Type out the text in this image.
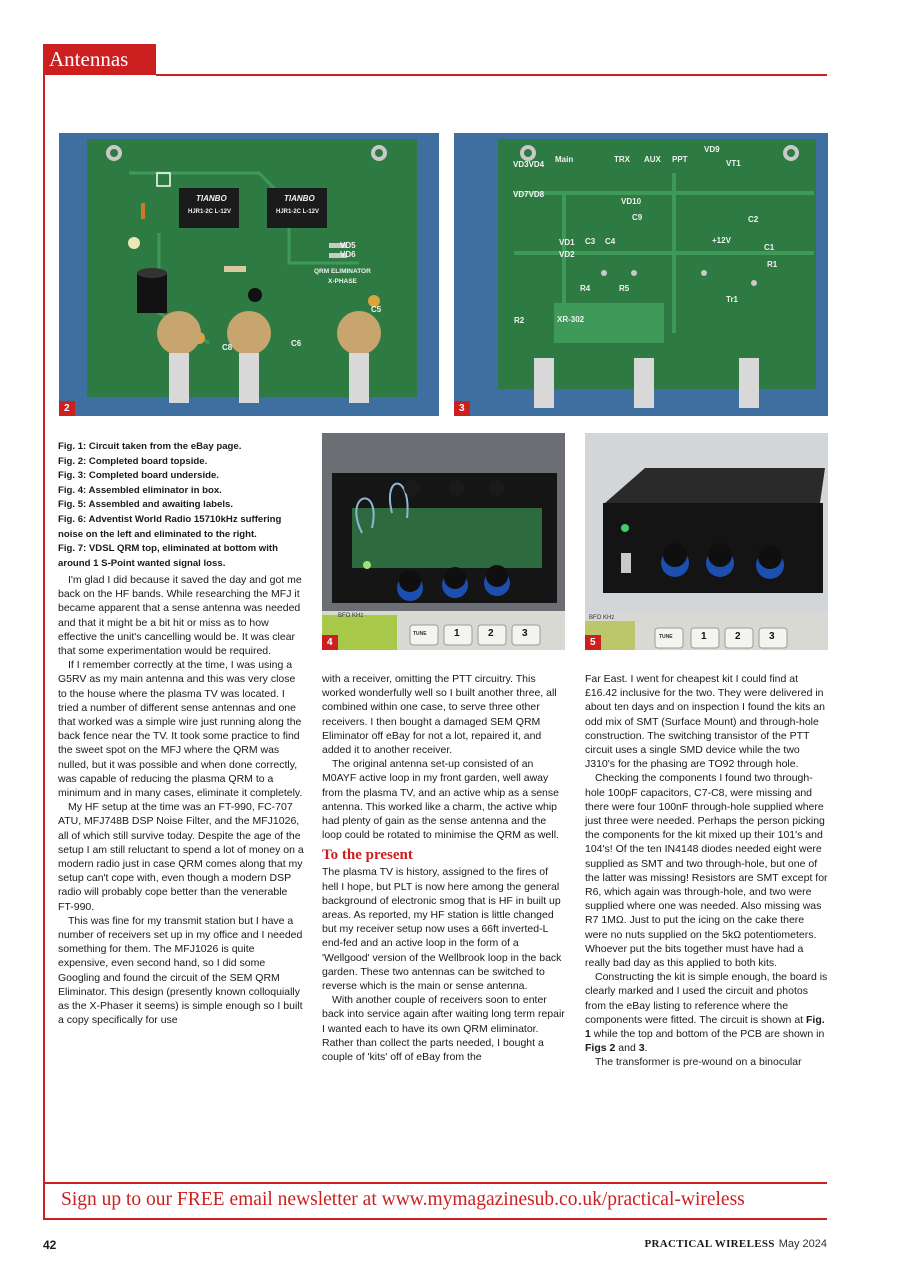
Antennas
TIANBO
HJR1-2C L-12V
TIANBO
HJR1-2C L-12V
VD5 VD6
QRM ELIMINATOR
X-PHASE
C5
C8	C6
2
VD3VD4
Main	TRX AUX PPT
VD9
VT1
VD7VD8
VD10
C9	C2
+12V
C1
VD1
VD2
C3 C4
R1
R4	R5
XR-302
Tr1
R2
3
Fig. 1: Circuit taken from the eBay page.
Fig. 2: Completed board topside.
Fig. 3: Completed board underside.
Fig. 4: Assembled eliminator in box.
Fig. 5: Assembled and awaiting labels.
Fig. 6: Adventist World Radio 15710kHz suffering noise on the left and eliminated to the right.
Fig. 7: VDSL QRM top, eliminated at bottom with around 1 S-Point wanted signal loss.
BFO KHz
TUNE	1	2	3
4
BFO KHz
TUNE	1	2	3
5

I'm glad I did because it saved the day and got me back on the HF bands. While researching the MFJ it became apparent that a sense antenna was needed and that it might be a bit hit or miss as to how effective the unit's cancelling would be. It was clear that some experimentation would be required.

If I remember correctly at the time, I was using a G5RV as my main antenna and this was very close to the house where the plasma TV was located. I tried a number of different sense antennas and one that worked was a simple wire just running along the back fence near the TV. It took some practice to find the sweet spot on the MFJ where the QRM was nulled, but it was possible and when done correctly, was capable of reducing the plasma QRM to a minimum and in many cases, eliminate it completely.

My HF setup at the time was an FT-990, FC-707 ATU, MFJ748B DSP Noise Filter, and the MFJ1026, all of which still survive today. Despite the age of the setup I am still reluctant to spend a lot of money on a modern radio just in case QRM comes along that my setup can't cope with, even though a modern DSP radio will probably cope better than the venerable FT-990.

This was fine for my transmit station but I have a number of receivers set up in my office and I needed something for them. The MFJ1026 is quite expensive, even second hand, so I did some Googling and found the circuit of the SEM QRM Eliminator. This design (presently known colloquially as the X-Phaser it seems) is simple enough so I built a copy specifically for use

with a receiver, omitting the PTT circuitry. This worked wonderfully well so I built another three, all combined within one case, to serve three other receivers. I then bought a damaged SEM QRM Eliminator off eBay for not a lot, repaired it, and added it to another receiver.

The original antenna set-up consisted of an M0AYF active loop in my front garden, well away from the plasma TV, and an active whip as a sense antenna. This worked like a charm, the active whip had plenty of gain as the sense antenna and the loop could be rotated to minimise the QRM as well.

To the present

The plasma TV is history, assigned to the fires of hell I hope, but PLT is now here among the general background of electronic smog that is HF in built up areas. As reported, my HF station is little changed but my receiver setup now uses a 66ft inverted-L end-fed and an active loop in the form of a 'Wellgood' version of the Wellbrook loop in the back garden. These two antennas can be switched to reverse which is the main or sense antenna.

With another couple of receivers soon to enter back into service again after waiting long term repair I wanted each to have its own QRM eliminator. Rather than collect the parts needed, I bought a couple of 'kits' off of eBay from the

Far East. I went for cheapest kit I could find at £16.42 inclusive for the two. They were delivered in about ten days and on inspection I found the kits an odd mix of SMT (Surface Mount) and through-hole construction. The switching transistor of the PTT circuit uses a single SMD device while the two J310's for the phasing are TO92 through hole.

Checking the components I found two through-hole 100pF capacitors, C7-C8, were missing and there were four 100nF through-hole supplied where just three were needed. Perhaps the person picking the components for the kit mixed up their 101's and 104's! Of the ten IN4148 diodes needed eight were supplied as SMT and two through-hole, but one of the latter was missing! Resistors are SMT except for R6, which again was through-hole, and two were supplied where one was needed. Also missing was R7 1MΩ. Just to put the icing on the cake there were no nuts supplied on the 5kΩ potentiometers. Whoever put the bits together must have had a really bad day as this applied to both kits.

Constructing the kit is simple enough, the board is clearly marked and I used the circuit and photos from the eBay listing to reference where the components were fitted. The circuit is shown at Fig. 1 while the top and bottom of the PCB are shown in Figs 2 and 3.

The transformer is pre-wound on a binocular

Sign up to our FREE email newsletter at www.mymagazinesub.co.uk/practical-wireless
42	PRACTICAL WIRELESS May 2024
